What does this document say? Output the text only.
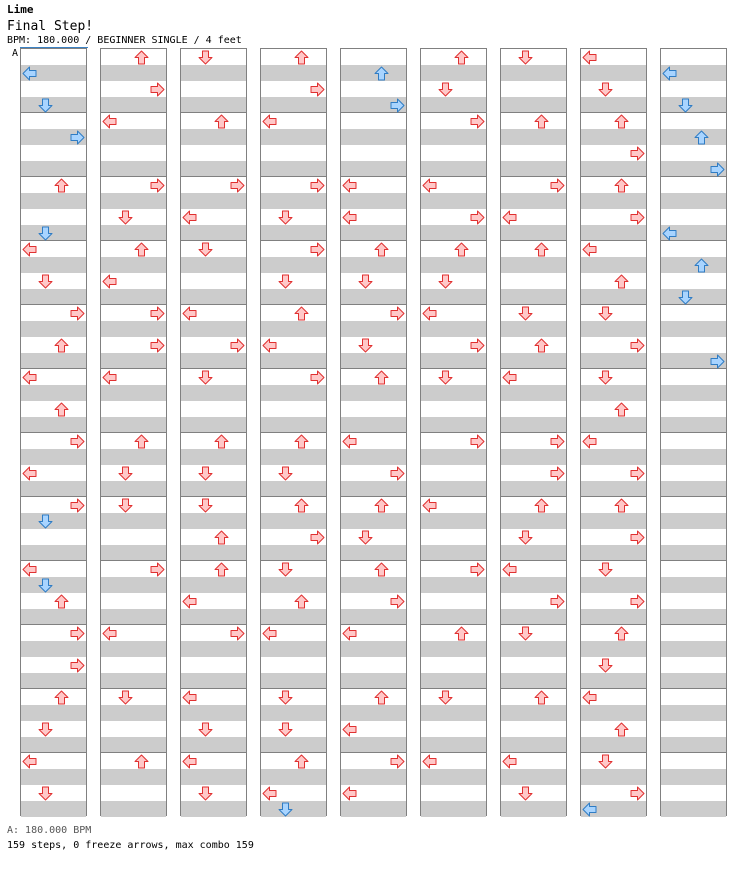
Lime
Final Step!
BPM: 180.000 / BEGINNER SINGLE / 4 feet
A
A: 180.000 BPM
159 steps, 0 freeze arrows, max combo 159
